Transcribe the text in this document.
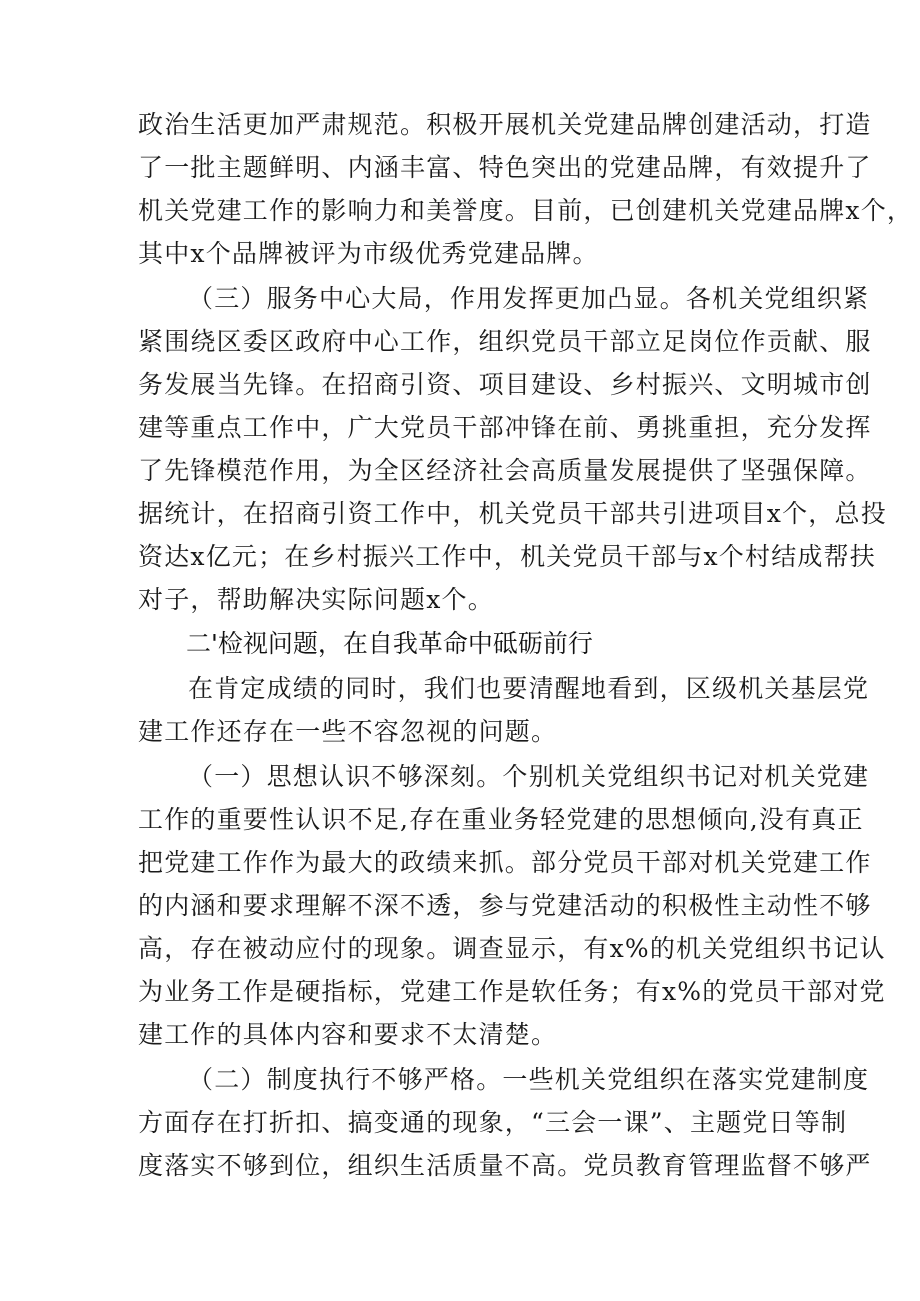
政治生活更加严肃规范。积极开展机关党建品牌创建活动，打造

了一批主题鲜明、内涵丰富、特色突出的党建品牌，有效提升了

机关党建工作的影响力和美誉度。目前，已创建机关党建品牌x个，

其中x个品牌被评为市级优秀党建品牌。

（三）服务中心大局，作用发挥更加凸显。各机关党组织紧

紧围绕区委区政府中心工作，组织党员干部立足岗位作贡献、服

务发展当先锋。在招商引资、项目建设、乡村振兴、文明城市创

建等重点工作中，广大党员干部冲锋在前、勇挑重担，充分发挥

了先锋模范作用，为全区经济社会高质量发展提供了坚强保障。

据统计，在招商引资工作中，机关党员干部共引进项目x个，总投

资达x亿元；在乡村振兴工作中，机关党员干部与x个村结成帮扶

对子，帮助解决实际问题x个。

二'检视问题，在自我革命中砥砺前行

在肯定成绩的同时，我们也要清醒地看到，区级机关基层党

建工作还存在一些不容忽视的问题。

（一）思想认识不够深刻。个别机关党组织书记对机关党建

工作的重要性认识不足,存在重业务轻党建的思想倾向,没有真正

把党建工作作为最大的政绩来抓。部分党员干部对机关党建工作

的内涵和要求理解不深不透，参与党建活动的积极性主动性不够

高，存在被动应付的现象。调查显示，有x%的机关党组织书记认

为业务工作是硬指标，党建工作是软任务；有x%的党员干部对党

建工作的具体内容和要求不太清楚。

（二）制度执行不够严格。一些机关党组织在落实党建制度

方面存在打折扣、搞变通的现象，“三会一课”、主题党日等制

度落实不够到位，组织生活质量不高。党员教育管理监督不够严
